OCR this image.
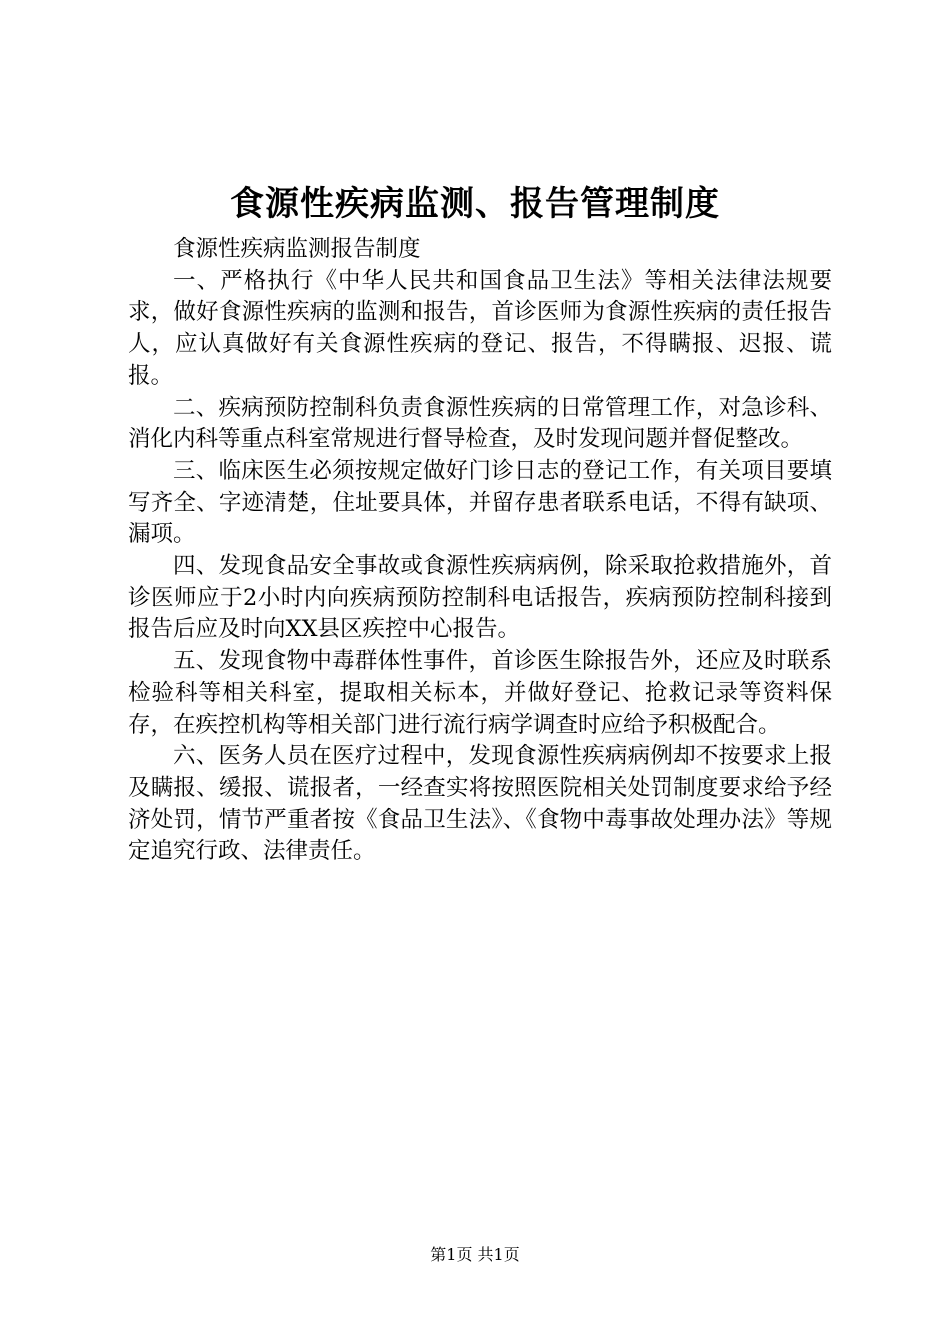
食源性疾病监测、报告管理制度

食源性疾病监测报告制度

一、严格执行《中华人民共和国食品卫生法》等相关法律法规要求，做好食源性疾病的监测和报告，首诊医师为食源性疾病的责任报告人，应认真做好有关食源性疾病的登记、报告，不得瞒报、迟报、谎报。

二、疾病预防控制科负责食源性疾病的日常管理工作，对急诊科、消化内科等重点科室常规进行督导检查，及时发现问题并督促整改。

三、临床医生必须按规定做好门诊日志的登记工作，有关项目要填写齐全、字迹清楚，住址要具体，并留存患者联系电话，不得有缺项、漏项。

四、发现食品安全事故或食源性疾病病例，除采取抢救措施外，首诊医师应于2小时内向疾病预防控制科电话报告，疾病预防控制科接到报告后应及时向XX县区疾控中心报告。

五、发现食物中毒群体性事件，首诊医生除报告外，还应及时联系检验科等相关科室，提取相关标本，并做好登记、抢救记录等资料保存，在疾控机构等相关部门进行流行病学调查时应给予积极配合。

六、医务人员在医疗过程中，发现食源性疾病病例却不按要求上报及瞒报、缓报、谎报者，一经查实将按照医院相关处罚制度要求给予经济处罚，情节严重者按《食品卫生法》、《食物中毒事故处理办法》等规定追究行政、法律责任。

第1页 共1页
